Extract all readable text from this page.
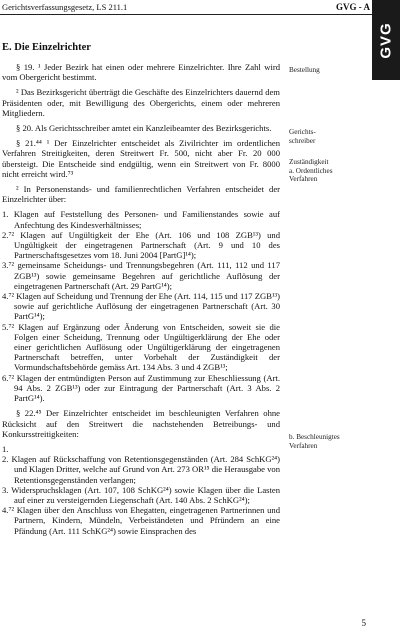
Gerichtsverfassungsgesetz, LS 211.1	GVG - A
GVG
E. Die Einzelrichter

§ 19. ¹ Jeder Bezirk hat einen oder mehrere Einzelrichter. Ihre Zahl wird vom Obergericht bestimmt.

² Das Bezirksgericht überträgt die Geschäfte des Einzelrichters dauernd dem Präsidenten oder, mit Bewilligung des Obergerichts, einem oder mehreren Mitgliedern.

§ 20. Als Gerichtsschreiber amtet ein Kanzleibeamter des Bezirksgerichts.

§ 21.⁴⁴ ¹ Der Einzelrichter entscheidet als Zivilrichter im ordentlichen Verfahren Streitigkeiten, deren Streitwert Fr. 500, nicht aber Fr. 20 000 übersteigt. Die Entscheide sind endgültig, wenn ein Streitwert von Fr. 8000 nicht erreicht wird.⁷³

² In Personenstands- und familienrechtlichen Verfahren entscheidet der Einzelrichter über:

1. Klagen auf Feststellung des Personen- und Familienstandes sowie auf Anfechtung des Kindesverhältnisses;
2.⁷² Klagen auf Ungültigkeit der Ehe (Art. 106 und 108 ZGB¹³) und Ungültigkeit der eingetragenen Partnerschaft (Art. 9 und 10 des Partnerschaftsgesetzes vom 18. Juni 2004 [PartG]¹⁴);
3.⁷² gemeinsame Scheidungs- und Trennungsbegehren (Art. 111, 112 und 117 ZGB¹³) sowie gemeinsame Begehren auf gerichtliche Auflösung der eingetragenen Partnerschaft (Art. 29 PartG¹⁴);
4.⁷² Klagen auf Scheidung und Trennung der Ehe (Art. 114, 115 und 117 ZGB¹³) sowie auf gerichtliche Auflösung der eingetragenen Partnerschaft (Art. 30 PartG¹⁴);
5.⁷² Klagen auf Ergänzung oder Änderung von Entscheiden, soweit sie die Folgen einer Scheidung, Trennung oder Ungültigerklärung der Ehe oder einer gerichtlichen Auflösung oder Ungültigerklärung der eingetragenen Partnerschaft betreffen, unter Vorbehalt der Zuständigkeit der Vormundschaftsbehörde gemäss Art. 134 Abs. 3 und 4 ZGB¹³;
6.⁷² Klagen der entmündigten Person auf Zustimmung zur Eheschliessung (Art. 94 Abs. 2 ZGB¹³) oder zur Eintragung der Partnerschaft (Art. 3 Abs. 2 PartG¹⁴).

§ 22.⁴⁵ Der Einzelrichter entscheidet im beschleunigten Verfahren ohne Rücksicht auf den Streitwert die nachstehenden Betreibungs- und Konkursstreitigkeiten:

1.
2. Klagen auf Rückschaffung von Retentionsgegenständen (Art. 284 SchKG²⁴) und Klagen Dritter, welche auf Grund von Art. 273 OR¹⁵ die Herausgabe von Retentionsgegenständen verlangen;
3. Widerspruchsklagen (Art. 107, 108 SchKG²⁴) sowie Klagen über die Lasten auf einer zu versteigernden Liegenschaft (Art. 140 Abs. 2 SchKG²⁴);
4.⁷² Klagen über den Anschluss von Ehegatten, eingetragenen Partnerinnen und Partnern, Kindern, Mündeln, Verbeiständeten und Pfründern an eine Pfändung (Art. 111 SchKG²⁴) sowie Einsprachen des
Bestellung
Gerichts-
schreiber
Zuständigkeit
a. Ordentliches
Verfahren
b. Beschleunigtes
Verfahren
5
